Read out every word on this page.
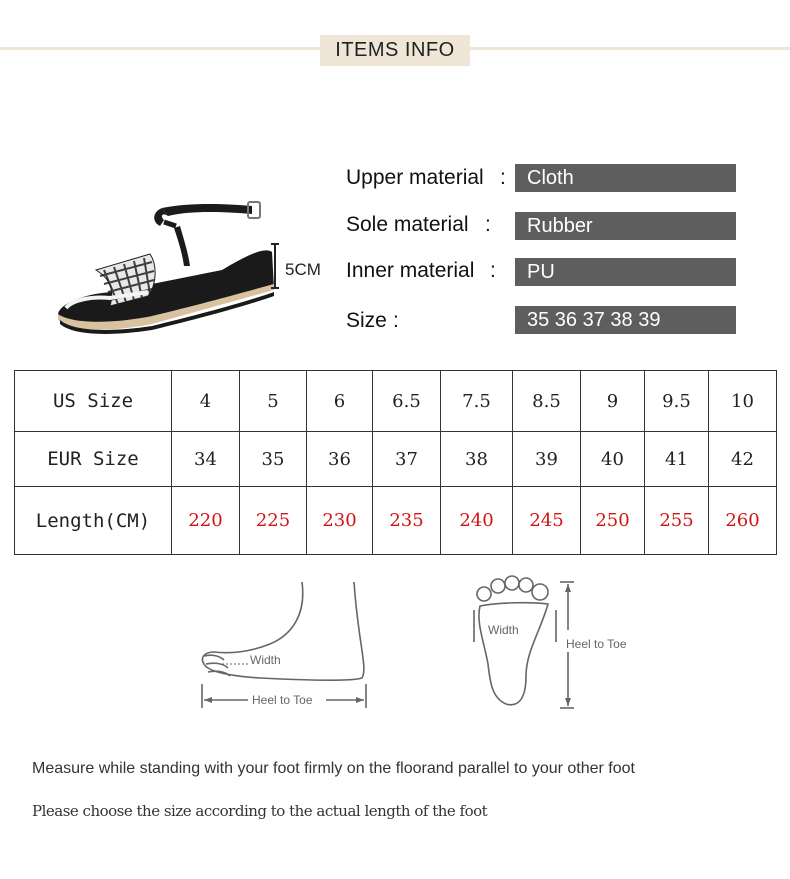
ITEMS INFO
5CM
Upper material :	Cloth
Sole material :	Rubber
Inner material :	PU
Size :	35 36 37 38 39
US Size	4	5	6	6.5	7.5	8.5	9	9.5	10
EUR Size	34	35	36	37	38	39	40	41	42
Length(CM)	220	225	230	235	240	245	250	255	260
Width
Heel to Toe
Width
Heel to Toe
Measure while standing with your foot firmly on the floorand parallel to your other foot
Please choose the size according to the actual length of the foot
